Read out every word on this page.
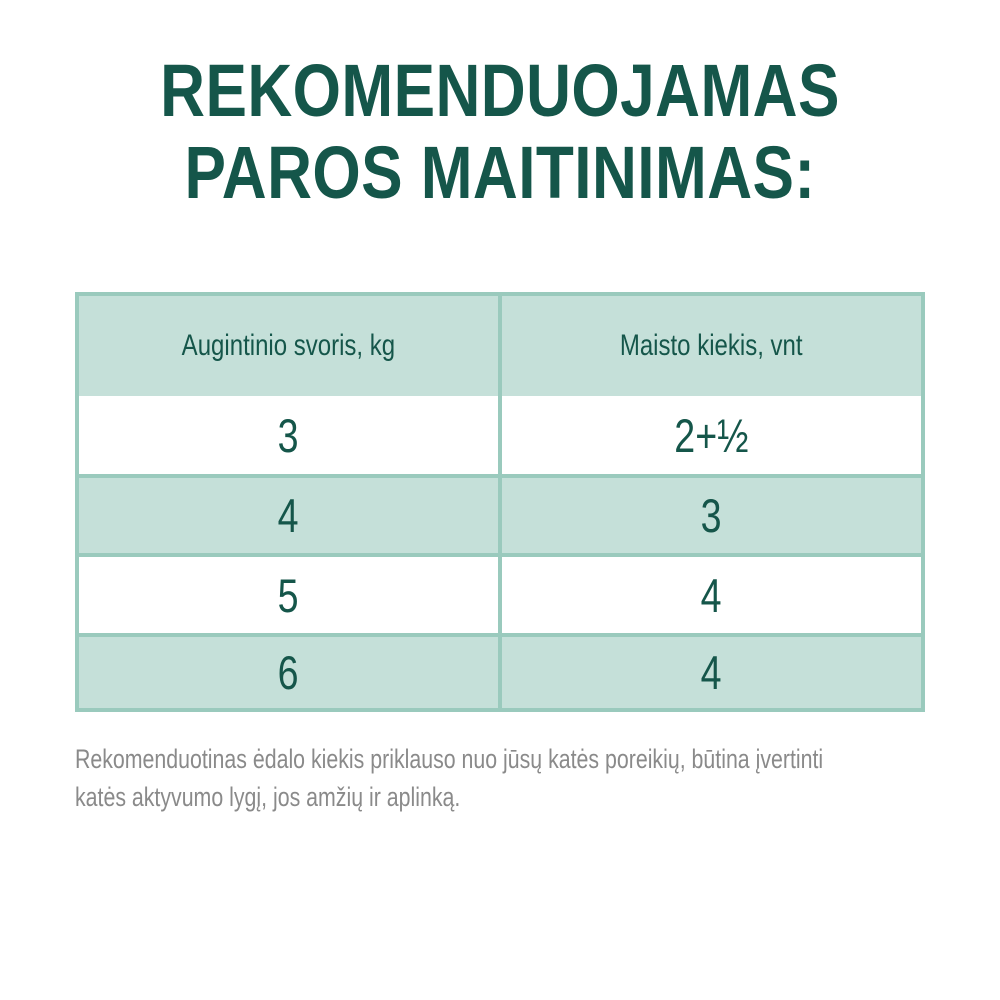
REKOMENDUOJAMAS
PAROS MAITINIMAS:
Augintinio svoris, kg	Maisto kiekis, vnt
3	2+½
4	3
5	4
6	4
Rekomenduotinas ėdalo kiekis priklauso nuo jūsų katės poreikių, būtina įvertinti
katės aktyvumo lygį, jos amžių ir aplinką.
